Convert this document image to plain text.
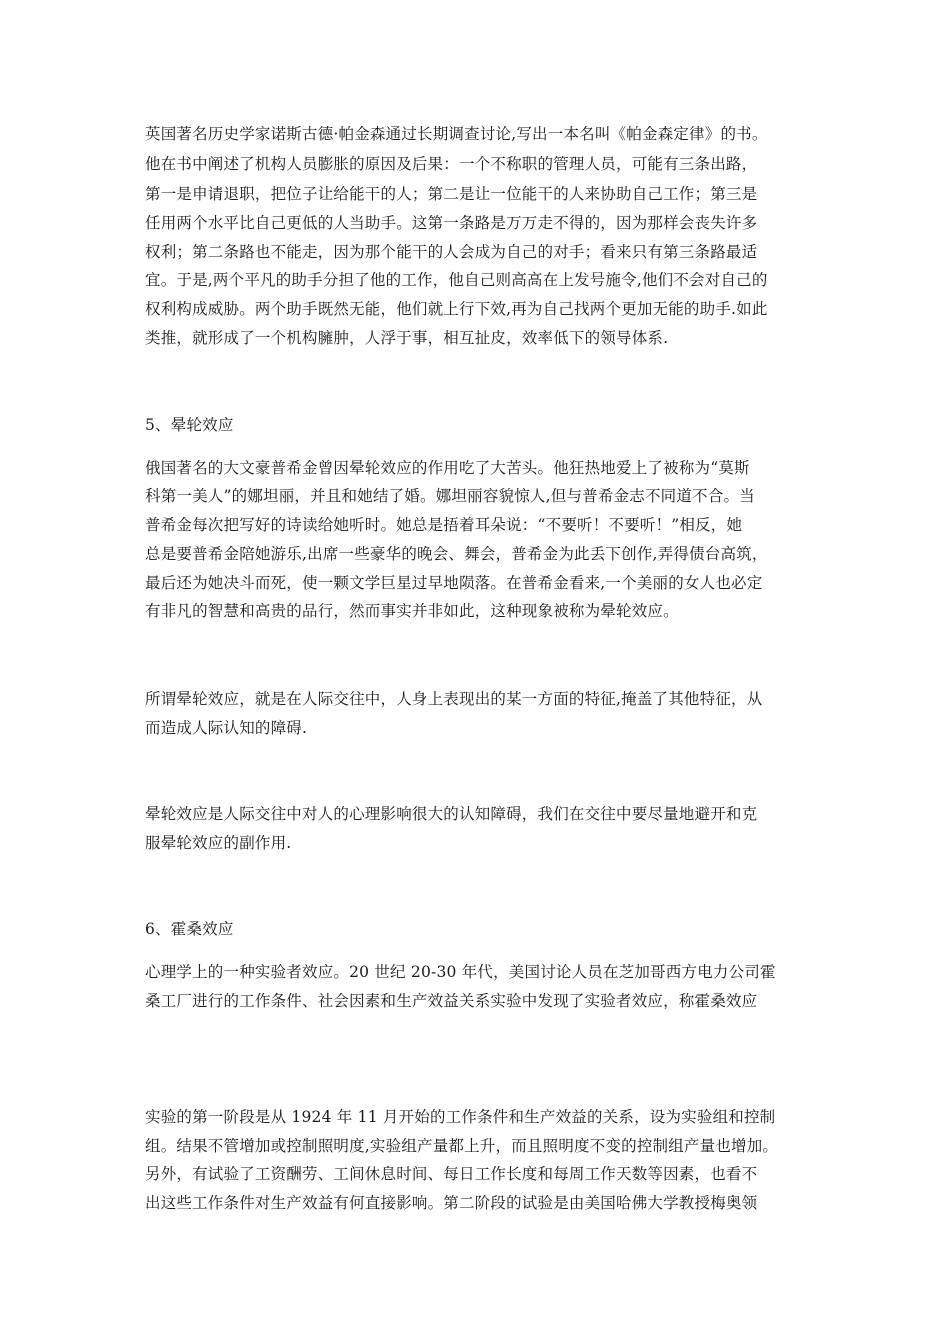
英国著名历史学家诺斯古德·帕金森通过长期调查讨论,写出一本名叫《帕金森定律》的书。
他在书中阐述了机构人员膨胀的原因及后果：一个不称职的管理人员，可能有三条出路，
第一是申请退职，把位子让给能干的人；第二是让一位能干的人来协助自己工作；第三是
任用两个水平比自己更低的人当助手。这第一条路是万万走不得的，因为那样会丧失许多
权利；第二条路也不能走，因为那个能干的人会成为自己的对手；看来只有第三条路最适
宜。于是,两个平凡的助手分担了他的工作，他自己则高高在上发号施令,他们不会对自己的
权利构成威胁。两个助手既然无能，他们就上行下效,再为自己找两个更加无能的助手.如此
类推，就形成了一个机构臃肿，人浮于事，相互扯皮，效率低下的领导体系.
5、晕轮效应
俄国著名的大文豪普希金曾因晕轮效应的作用吃了大苦头。他狂热地爱上了被称为“莫斯
科第一美人”的娜坦丽，并且和她结了婚。娜坦丽容貌惊人,但与普希金志不同道不合。当
普希金每次把写好的诗读给她听时。她总是捂着耳朵说：“不要听！不要听！”相反，她
总是要普希金陪她游乐,出席一些豪华的晚会、舞会，普希金为此丢下创作,弄得债台高筑，
最后还为她决斗而死，使一颗文学巨星过早地陨落。在普希金看来,一个美丽的女人也必定
有非凡的智慧和高贵的品行，然而事实并非如此，这种现象被称为晕轮效应。
所谓晕轮效应，就是在人际交往中，人身上表现出的某一方面的特征,掩盖了其他特征，从
而造成人际认知的障碍.
晕轮效应是人际交往中对人的心理影响很大的认知障碍，我们在交往中要尽量地避开和克
服晕轮效应的副作用.
6、霍桑效应
心理学上的一种实验者效应。20 世纪 20-30 年代，美国讨论人员在芝加哥西方电力公司霍
桑工厂进行的工作条件、社会因素和生产效益关系实验中发现了实验者效应，称霍桑效应
实验的第一阶段是从 1924 年 11 月开始的工作条件和生产效益的关系，设为实验组和控制
组。结果不管增加或控制照明度,实验组产量都上升，而且照明度不变的控制组产量也增加。
另外，有试验了工资酬劳、工间休息时间、每日工作长度和每周工作天数等因素，也看不
出这些工作条件对生产效益有何直接影响。第二阶段的试验是由美国哈佛大学教授梅奥领
